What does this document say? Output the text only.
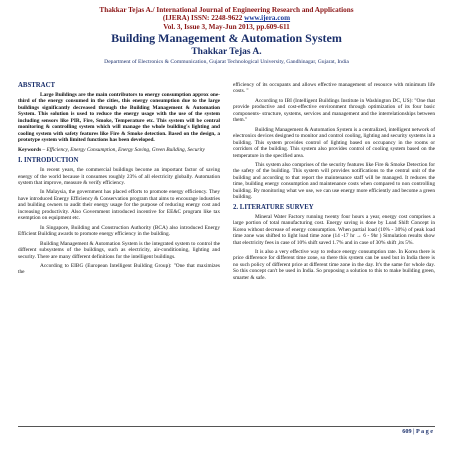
Thakkar Tejas A./ International Journal of Engineering Research and Applications
(IJERA) ISSN: 2248-9622 www.ijera.com
Vol. 3, Issue 3, May-Jun 2013, pp.609-611
Building Management & Automation System
Thakkar Tejas A.
Department of Electronics & Communication, Gujarat Technological University, Gandhinagar, Gujarat, India
ABSTRACT

Large Buildings are the main contributors to energy consumption approx one-third of the energy consumed in the cities, this energy consumption due to the large buildings significantly decreased through the Building Management & Automation System. This solution is used to reduce the energy usage with the use of the system including sensors like PIR, Fire, Smoke, Temperature etc. This system will be central monitoring & controlling system which will manage the whole building's lighting and cooling system with safety features like Fire & Smoke detection. Based on the design, a prototype system with limited functions has been developed.

Keywords – Efficiency, Energy Consumption, Energy Saving, Green Building, Security

I. INTRODUCTION

In recent years, the commercial buildings become an important factor of saving energy of the world because it consumes roughly 23% of all electricity globally. Automation system that improve, measure & verify efficiency.

In Malaysia, the government has placed efforts to promote energy efficiency. They have introduced Energy Efficiency & Conservation program that aims to encourage industries and building owners to audit their energy usage for the purpose of reducing energy cost and increasing productivity. Also Government introduced incentive for EE&C program like tax exemption on equipment etc.

In Singapore, Building and Construction Authority (BCA) also introduced Energy Efficient Building awards to promote energy efficiency in the building.

Building Management & Automation System is the integrated system to control the different subsystems of the buildings, such as electricity, air-conditioning, lighting and security. There are many different definitions for the intelligent buildings.

According to EIBG (European Intelligent Building Group): "One that maximizes the

efficiency of its occupants and allows effective management of resource with minimum life costs. "

According to IBI (Intelligent Buildings Institute in Washington DC, US): "One that provide productive and cost-effective environment through optimization of its four basic components- structure, systems, services and management and the interrelationships between them."

Building Management & Automation System is a centralized, intelligent network of electronics devices designed to monitor and control cooling, lighting and security systems in a building. This system provides control of lighting based on occupancy in the rooms or corridors of the building. This system also provides control of cooling system based on the temperature in the specified area.

This system also comprises of the security features like Fire & Smoke Detection for the safety of the building. This system will provides notifications to the central unit of the building and according to that report the maintenance staff will be managed. It reduces the time, building energy consumption and maintenance costs when compared to non controlling building. By monitoring what we use, we can use energy more efficiently and become a green building.

2. LITERATURE SURVEY

Mineral Water Factory running twenty four hours a year, energy cost comprises a large portion of total manufacturing cost. Energy saving is done by Load Shift Concept in Korea without decrease of energy consumption. When partial load (10% - 30%) of peak load time zone was shifted to light load time zone (14 -17 hr → 6 - 9hr ) Simulation results show that electricity fees in case of 10% shift saved 1.7% and in case of 30% shift ,its 5%.

It is also a very effective way to reduce energy consumption rate. In Korea there is price difference for different time zone, so there this system can be used but in India there is no such policy of different price at different time zone in the day. It's the same for whole day. So this concept can't be used in India. So proposing a solution to this to make building green, smarter & safe.

609 | P a g e
